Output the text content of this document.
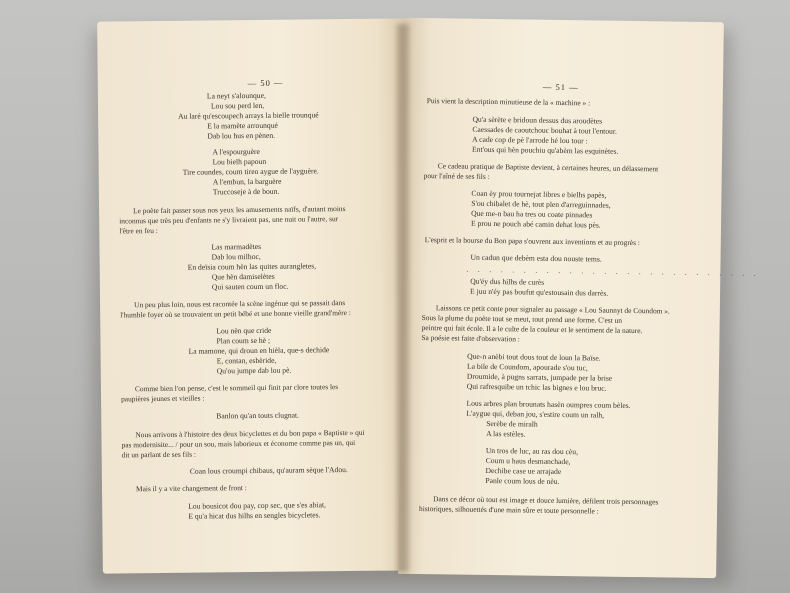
— 50 —
La neyt s'alounque,
Lou sou perd len,
Au laré qu'escoupech arrays la bielle trounqué
E la mamète arrounqué
Dab lou hus en pènen.
A l'espourguère
Lou bielh papoun
Tire coundes, coum tireo aygue de l'ayguère.
A l'embun, la barguère
Truccoseje à de boun.
Le poète fait passer sous nos yeux les amusements naïfs, d'autant moins
inconnus que très peu d'enfants ne s'y livraient pas, une nuit ou l'autre, sur
l'être en feu :
Las marmadètes
Dab lou milhoc,
En deïsia coum hèn las quites aurangletes,
Que hèn damiselètes
Qui sauten coum un floc.
Un peu plus loin, nous est racontée la scène ingénue qui se passait dans
l'humble foyer où se trouvaient un petit bébé et une bonne vieille grand'mère :
Lou nèn que cride
Plan coum se hè ;
La mamone, qui droun en hièla, que-s dechide
E, contan, esbèride,
Qu'ou jumpe dab lou pè.
Comme bien l'on pense, c'est le sommeil qui finit par clore toutes les
paupières jeunes et vieilles :
Banlon qu'an touts clugnat.
Nous arrivons à l'histoire des deux bicyclettes et du bon papa « Baptiste » qui
pas modernisite... / pour un sou, mais laborieux et économe comme pas un, qui
dit un parlant de ses fils :
Coan lous croumpi chibaus, qu'auram sèque l'Adou.
Mais il y a vite changement de front :
Lou bousicot dou pay, cop sec, que s'es abiat,
E qu'a hicat dus hilhs en sengles bicycletes.
— 51 —
Puis vient la description minutieuse de la « machine » :
Qu'a sèrète e bridoun dessus dus aroudètes
Caessades de caoutchouc bouhat à tout l'entour.
A cade cop de pè l'arrode hé lou tour :
Ent'ous qui hèn pouchiu qu'abèm las esquinètes.
Ce cadeau pratique de Baptiste devient, à certaines heures, un délassement
pour l'aîné de ses fils :
Coan èy prou tournejat libres e bielhs papès,
S'ou chibalet de hè, tout plen d'arreguinnades,
Que me-n bau ha tres ou coate pinnades
E prou ne pouch abé camin dehat lous pès.
L'esprit et la bourse du Bon papa s'ouvrent aux inventions et au progrès :
Un cadun que debèm esta dou nouste tems.
. . . . . . . . . . . . . . . . . . . . . . . . . .
Qu'éy dus hilhs de curès
E juu n'éy pas boufut qu'estousain dus darrès.
Laissons ce petit conte pour signaler au passage « Lou Saunnyt de Coundom ».
Sous la plume du poète tout se meut, tout prend une forme. C'est un
peintre qui fait école. Il a le culte de la couleur et le sentiment de la nature.
Sa poésie est faite d'observation :
Que-n anèbi tout dous tout de loun la Baïse.
La bile de Coundom, apourade s'ou tuc,
Droumide, à pugns sarrats, jumpade per la brise
Qui rafresquibe un tchic las bignes e lou bruc.
Lous arbres plan brounats hasèn oumpres coum bèles.
L'aygue qui, deban jou, s'estire coum un ralh,
Serèbe de miralh
A las estèles.
Un tros de luc, au ras dou cèu,
Coum u haus desmanchade,
Dechibe case ue arrajade
Panle coum lous de nèu.
Dans ce décor où tout est image et douce lumière, défilent trois personnages
historiques, silhouettés d'une main sûre et toute personnelle :
